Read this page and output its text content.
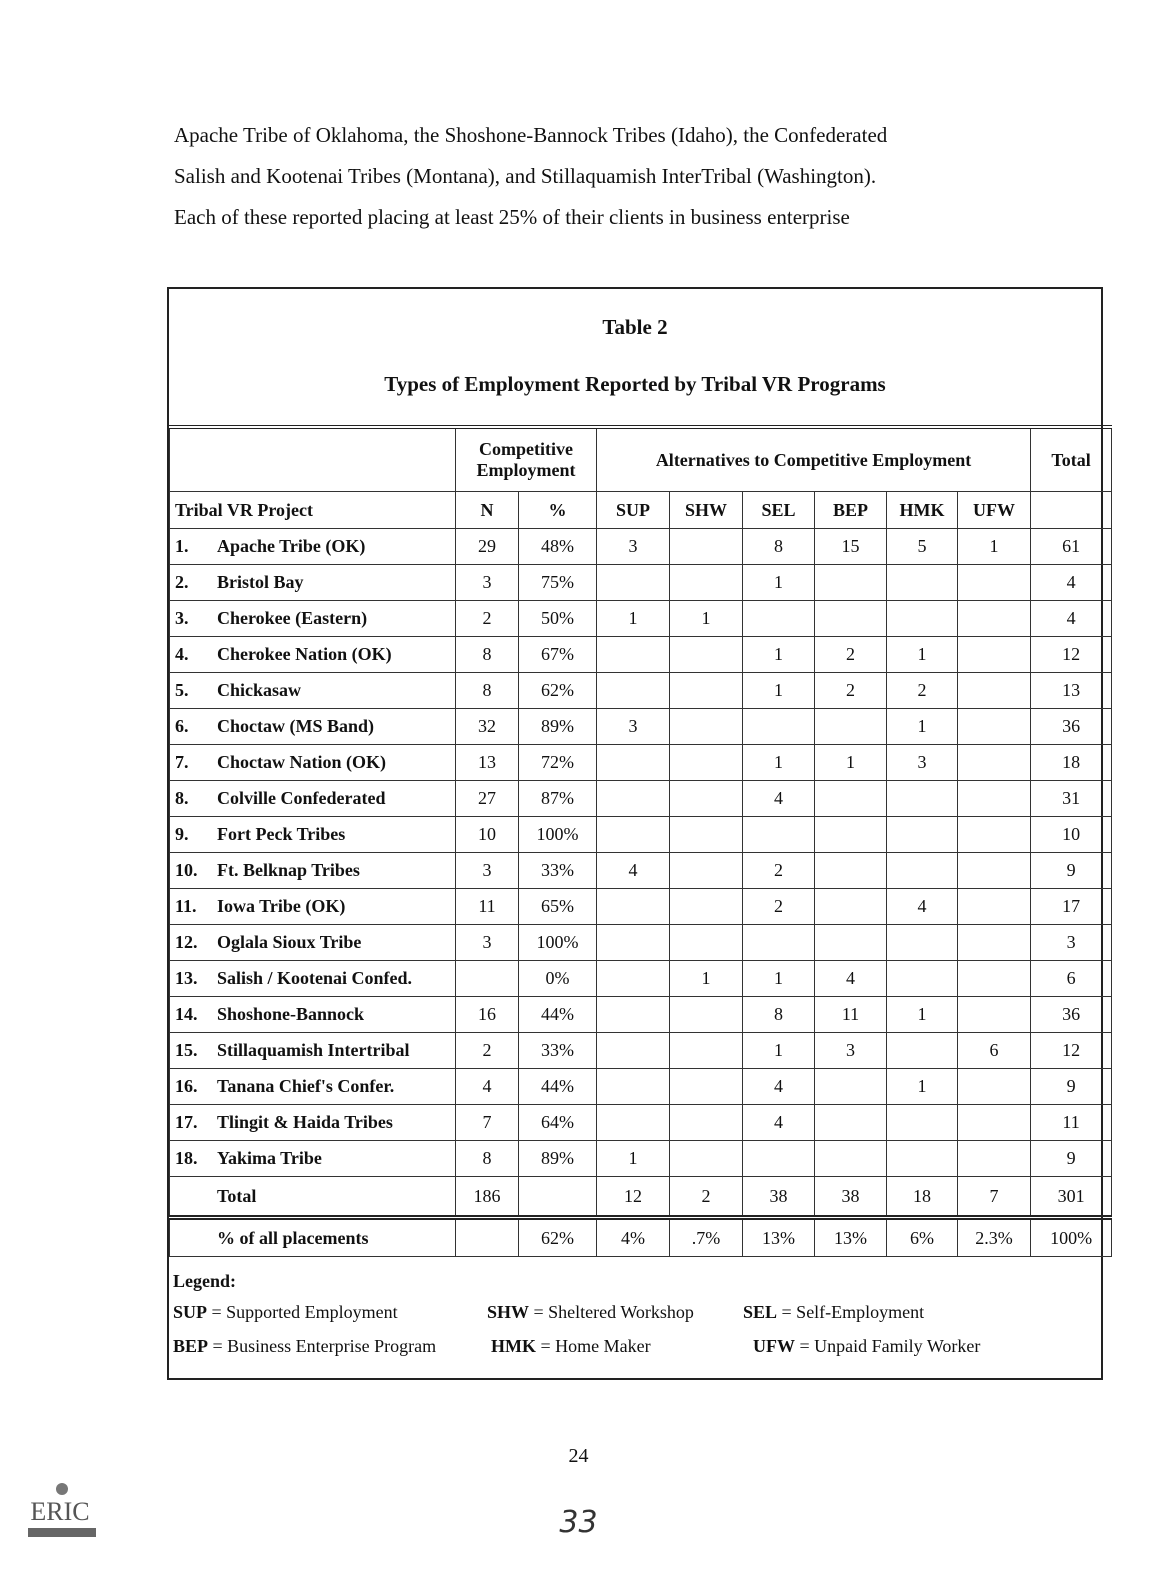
Apache Tribe of Oklahoma, the Shoshone-Bannock Tribes (Idaho), the Confederated

Salish and Kootenai Tribes (Montana), and Stillaquamish InterTribal (Washington).

Each of these reported placing at least 25% of their clients in business enterprise

Table 2
Types of Employment Reported by Tribal VR Programs
	Competitive Employment		Alternatives to Competitive Employment						Total
Tribal VR Project	N	%	SUP	SHW	SEL	BEP	HMK	UFW	
1. Apache Tribe (OK)	29	48%	3		8	15	5	1	61
2. Bristol Bay	3	75%			1				4
3. Cherokee (Eastern)	2	50%	1	1					4
4. Cherokee Nation (OK)	8	67%			1	2	1		12
5. Chickasaw	8	62%			1	2	2		13
6. Choctaw (MS Band)	32	89%	3				1		36
7. Choctaw Nation (OK)	13	72%			1	1	3		18
8. Colville Confederated	27	87%			4				31
9. Fort Peck Tribes	10	100%							10
10. Ft. Belknap Tribes	3	33%	4		2				9
11. Iowa Tribe (OK)	11	65%			2		4		17
12. Oglala Sioux Tribe	3	100%							3
13. Salish / Kootenai Confed.		0%		1	1	4			6
14. Shoshone-Bannock	16	44%			8	11	1		36
15. Stillaquamish Intertribal	2	33%			1	3		6	12
16. Tanana Chief's Confer.	4	44%			4		1		9
17. Tlingit & Haida Tribes	7	64%			4				11
18. Yakima Tribe	8	89%	1						9
Total	186		12	2	38	38	18	7	301
% of all placements		62%	4%	.7%	13%	13%	6%	2.3%	100%
Legend:
SUP = Supported Employment	SHW = Sheltered Workshop	SEL = Self-Employment
BEP = Business Enterprise Program	HMK = Home Maker	UFW = Unpaid Family Worker
24
33
ERIC
